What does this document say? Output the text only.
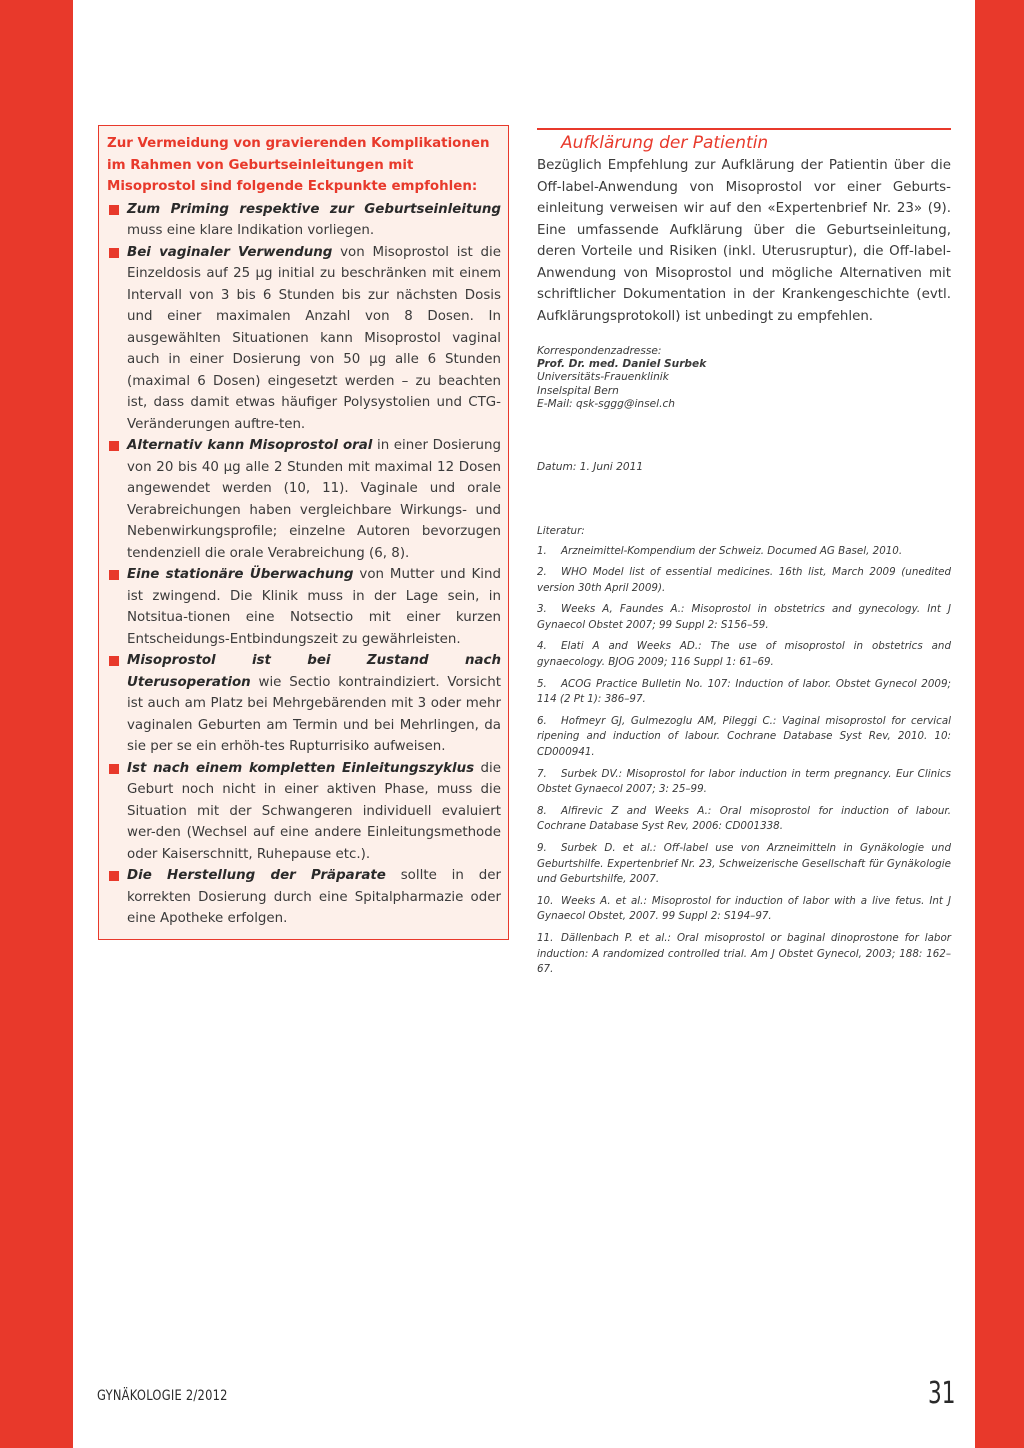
Zur Vermeidung von gravierenden Komplikationen im Rahmen von Geburtseinleitungen mit Misoprostol sind folgende Eckpunkte empfohlen:

Zum Priming respektive zur Geburtseinleitung muss eine klare Indikation vorliegen.
Bei vaginaler Verwendung von Misoprostol ist die Einzeldosis auf 25 µg initial zu beschränken mit einem Intervall von 3 bis 6 Stunden bis zur nächsten Dosis und einer maximalen Anzahl von 8 Dosen. In ausgewählten Situationen kann Misoprostol vaginal auch in einer Dosierung von 50 µg alle 6 Stunden (maximal 6 Dosen) eingesetzt werden – zu beachten ist, dass damit etwas häufiger Polysystolien und CTG-Veränderungen auftre-ten.
Alternativ kann Misoprostol oral in einer Dosierung von 20 bis 40 µg alle 2 Stunden mit maximal 12 Dosen angewendet werden (10, 11). Vaginale und orale Verabreichungen haben vergleichbare Wirkungs- und Nebenwirkungsprofile; einzelne Autoren bevorzugen tendenziell die orale Verabreichung (6, 8).
Eine stationäre Überwachung von Mutter und Kind ist zwingend. Die Klinik muss in der Lage sein, in Notsitua-tionen eine Notsectio mit einer kurzen Entscheidungs-Entbindungszeit zu gewährleisten.
Misoprostol ist bei Zustand nach Uterusoperation wie Sectio kontraindiziert. Vorsicht ist auch am Platz bei Mehrgebärenden mit 3 oder mehr vaginalen Geburten am Termin und bei Mehrlingen, da sie per se ein erhöh-tes Rupturrisiko aufweisen.
Ist nach einem kompletten Einleitungszyklus die Geburt noch nicht in einer aktiven Phase, muss die Situation mit der Schwangeren individuell evaluiert wer-den (Wechsel auf eine andere Einleitungsmethode oder Kaiserschnitt, Ruhepause etc.).
Die Herstellung der Präparate sollte in der korrekten Dosierung durch eine Spitalpharmazie oder eine Apotheke erfolgen.
Aufklärung der Patientin

Bezüglich Empfehlung zur Aufklärung der Patientin über die Off-label-Anwendung von Misoprostol vor einer Geburts-einleitung verweisen wir auf den «Expertenbrief Nr. 23» (9). Eine umfassende Aufklärung über die Geburtseinleitung, deren Vorteile und Risiken (inkl. Uterusruptur), die Off-label-Anwendung von Misoprostol und mögliche Alternativen mit schriftlicher Dokumentation in der Krankengeschichte (evtl. Aufklärungsprotokoll) ist unbedingt zu empfehlen.

Korrespondenzadresse:
Prof. Dr. med. Daniel Surbek
Universitäts-Frauenklinik
Inselspital Bern
E-Mail: qsk-sggg@insel.ch
Datum: 1. Juni 2011
Literatur:
1. Arzneimittel-Kompendium der Schweiz. Documed AG Basel, 2010.
2. WHO Model list of essential medicines. 16th list, March 2009 (unedited version 30th April 2009).
3. Weeks A, Faundes A.: Misoprostol in obstetrics and gynecology. Int J Gynaecol Obstet 2007; 99 Suppl 2: S156–59.
4. Elati A and Weeks AD.: The use of misoprostol in obstetrics and gynaecology. BJOG 2009; 116 Suppl 1: 61–69.
5. ACOG Practice Bulletin No. 107: Induction of labor. Obstet Gynecol 2009; 114 (2 Pt 1): 386–97.
6. Hofmeyr GJ, Gulmezoglu AM, Pileggi C.: Vaginal misoprostol for cervical ripening and induction of labour. Cochrane Database Syst Rev, 2010. 10: CD000941.
7. Surbek DV.: Misoprostol for labor induction in term pregnancy. Eur Clinics Obstet Gynaecol 2007; 3: 25–99.
8. Alfirevic Z and Weeks A.: Oral misoprostol for induction of labour. Cochrane Database Syst Rev, 2006: CD001338.
9. Surbek D. et al.: Off-label use von Arzneimitteln in Gynäkologie und Geburtshilfe. Expertenbrief Nr. 23, Schweizerische Gesellschaft für Gynäkologie und Geburtshilfe, 2007.
10. Weeks A. et al.: Misoprostol for induction of labor with a live fetus. Int J Gynaecol Obstet, 2007. 99 Suppl 2: S194–97.
11. Dällenbach P. et al.: Oral misoprostol or baginal dinoprostone for labor induction: A randomized controlled trial. Am J Obstet Gynecol, 2003; 188: 162–67.
GYNÄKOLOGIE 2/2012	31
